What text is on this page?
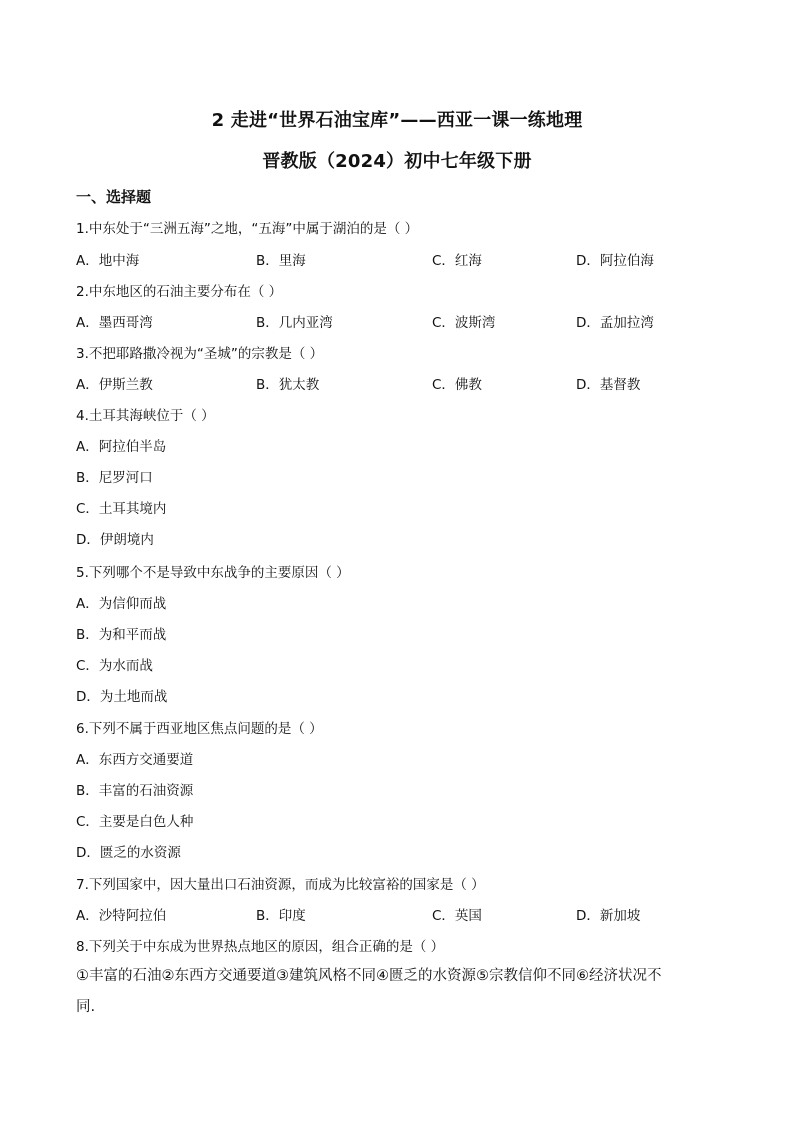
2 走进“世界石油宝库”——西亚一课一练地理
晋教版（2024）初中七年级下册
一、选择题
1.中东处于“三洲五海”之地，“五海”中属于湖泊的是（ ）
A．地中海	B．里海	C．红海	D．阿拉伯海
2.中东地区的石油主要分布在（ ）
A．墨西哥湾	B．几内亚湾	C．波斯湾	D．孟加拉湾
3.不把耶路撒冷视为“圣城”的宗教是（ ）
A．伊斯兰教	B．犹太教	C．佛教	D．基督教
4.土耳其海峡位于（ ）
A．阿拉伯半岛
B．尼罗河口
C．土耳其境内
D．伊朗境内
5.下列哪个不是导致中东战争的主要原因（ ）
A．为信仰而战
B．为和平而战
C．为水而战
D．为土地而战
6.下列不属于西亚地区焦点问题的是（ ）
A．东西方交通要道
B．丰富的石油资源
C．主要是白色人种
D．匮乏的水资源
7.下列国家中，因大量出口石油资源，而成为比较富裕的国家是（ ）
A．沙特阿拉伯	B．印度	C．英国	D．新加坡
8.下列关于中东成为世界热点地区的原因，组合正确的是（ ）
①丰富的石油②东西方交通要道③建筑风格不同④匮乏的水资源⑤宗教信仰不同⑥经济状况不
同.
